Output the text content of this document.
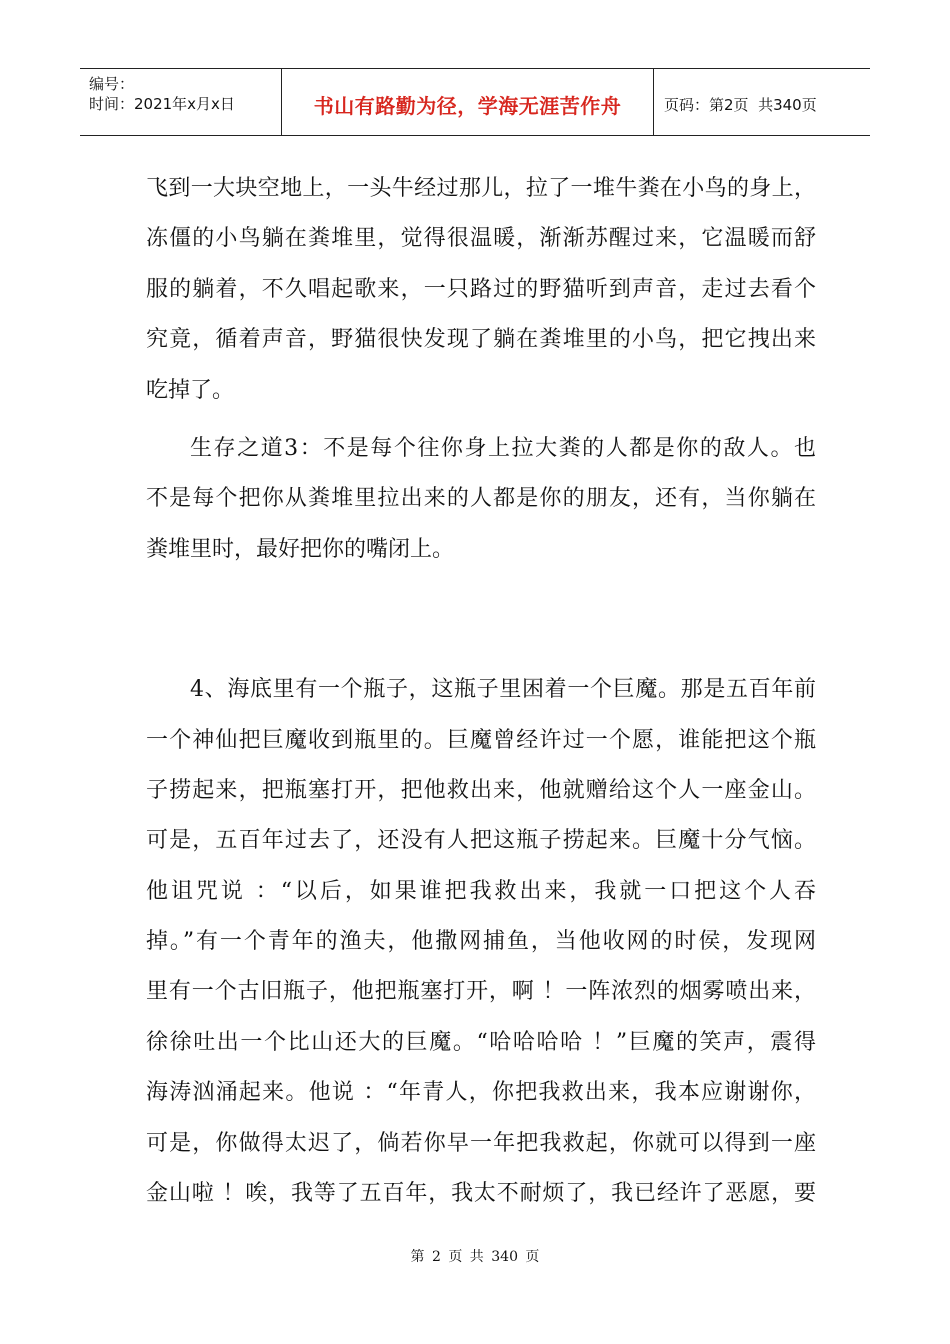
编号：
时间：2021年x月x日	书山有路勤为径，学海无涯苦作舟	页码：第2页  共340页
飞到一大块空地上，一头牛经过那儿，拉了一堆牛粪在小鸟的身上，
冻僵的小鸟躺在粪堆里，觉得很温暖，渐渐苏醒过来，它温暖而舒
服的躺着，不久唱起歌来，一只路过的野猫听到声音，走过去看个
究竟，循着声音，野猫很快发现了躺在粪堆里的小鸟，把它拽出来
吃掉了。
生存之道3：不是每个往你身上拉大粪的人都是你的敌人。也
不是每个把你从粪堆里拉出来的人都是你的朋友，还有，当你躺在
粪堆里时，最好把你的嘴闭上。
4、海底里有一个瓶子，这瓶子里困着一个巨魔。那是五百年前
一个神仙把巨魔收到瓶里的。巨魔曾经许过一个愿，谁能把这个瓶
子捞起来，把瓶塞打开，把他救出来，他就赠给这个人一座金山。
可是，五百年过去了，还没有人把这瓶子捞起来。巨魔十分气恼。
他诅咒说 ：“以后，如果谁把我救出来，我就一口把这个人吞
掉。”有一个青年的渔夫，他撒网捕鱼，当他收网的时侯，发现网
里有一个古旧瓶子，他把瓶塞打开，啊 ！一阵浓烈的烟雾喷出来，
徐徐吐出一个比山还大的巨魔。“哈哈哈哈 ！”巨魔的笑声，震得
海涛汹涌起来。他说 ：“年青人，你把我救出来，我本应谢谢你，
可是，你做得太迟了，倘若你早一年把我救起，你就可以得到一座
金山啦 ！唉，我等了五百年，我太不耐烦了，我已经许了恶愿，要
第 2 页 共 340 页
